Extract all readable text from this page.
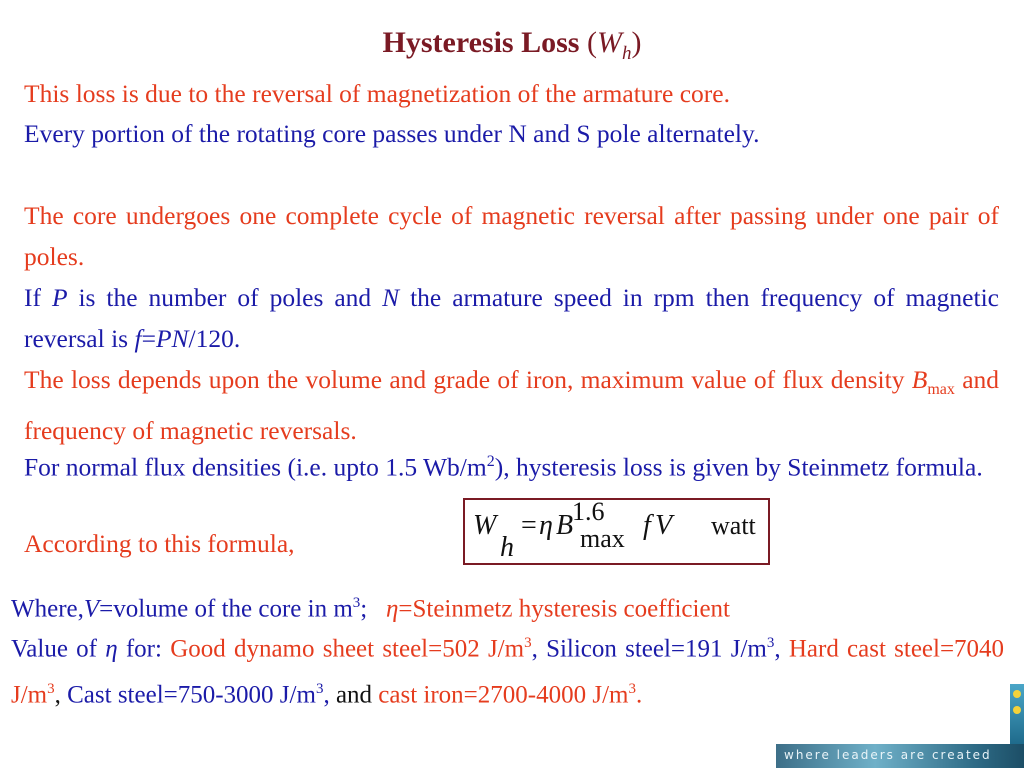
Hysteresis Loss $(W_h)$
This loss is due to the reversal of magnetization of the armature core.
Every portion of the rotating core passes under N and S pole alternately.
The core undergoes one complete cycle of magnetic reversal after passing under one pair of poles.
If P is the number of poles and N the armature speed in rpm then frequency of magnetic reversal is f=PN/120.
The loss depends upon the volume and grade of iron, maximum value of flux density $B_{max}$ and frequency of magnetic reversals.
For normal flux densities (i.e. upto 1.5 $Wb/m^2$), hysteresis loss is given by Steinmetz formula.
According to this formula,
W
h
= η B
1.6
max f V watt
Where,V=volume of the core in $m^3$; η=Steinmetz hysteresis coefficient
Value of η for: Good dynamo sheet steel=502 $J/m^3$, Silicon steel=191 $J/m^3$, Hard cast steel=7040 $J/m^3$, Cast steel=750-3000 $J/m^3$, and cast iron=2700-4000 $J/m^3$.
where leaders are created
